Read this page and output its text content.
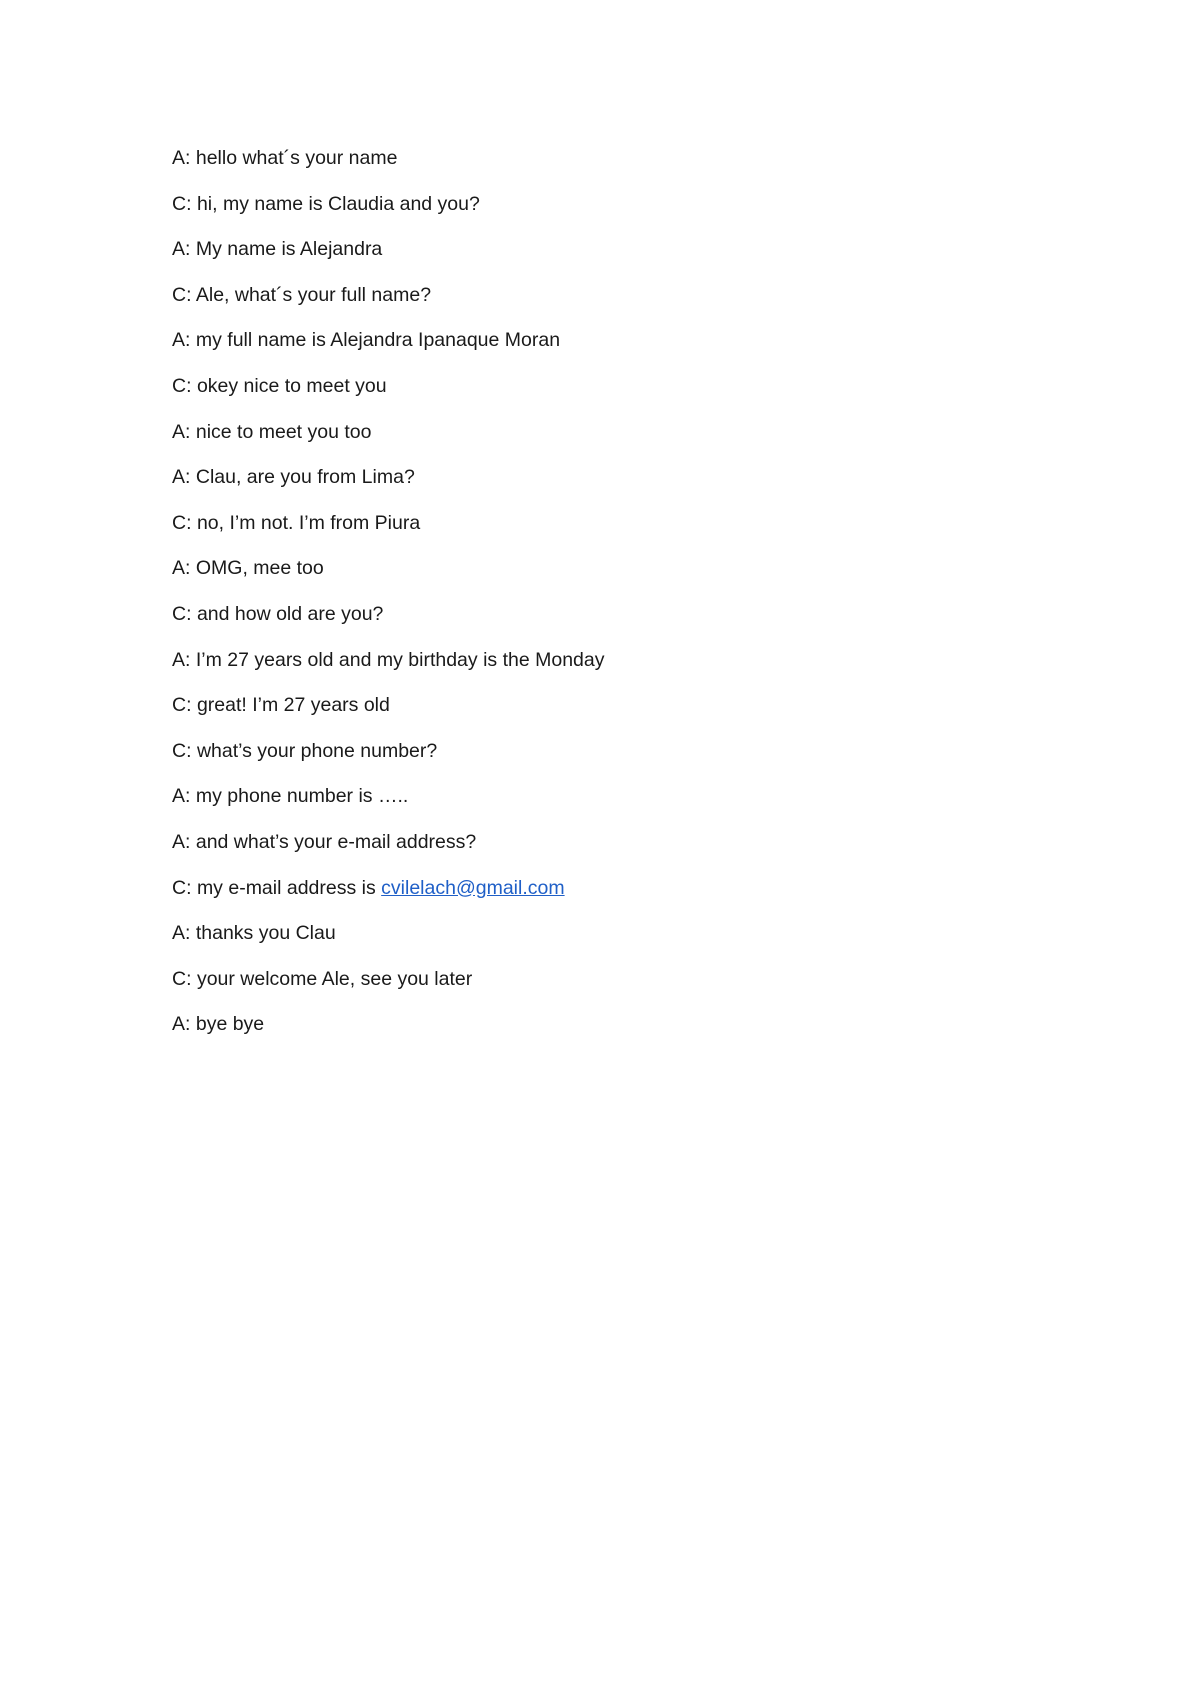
A : hello what´s your name
C : hi, my name is Claudia and you?
A : My name is Alejandra
C : Ale, what´s your full name?
A : my full name is Alejandra Ipanaque Moran
C : okey nice to meet you
A : nice to meet you too
A : Clau, are you from Lima?
C : no, I’m not. I’m from Piura
A : OMG, mee too
C : and how old are you?
A : I’m 27 years old and my birthday is the Monday
C : great! I’m 27 years old
C : what’s your phone number?
A : my phone number is …..
A : and what’s your e-mail address?
C : my e-mail address is cvilelach@gmail.com
A : thanks you Clau
C : your welcome Ale, see you later
A : bye bye
